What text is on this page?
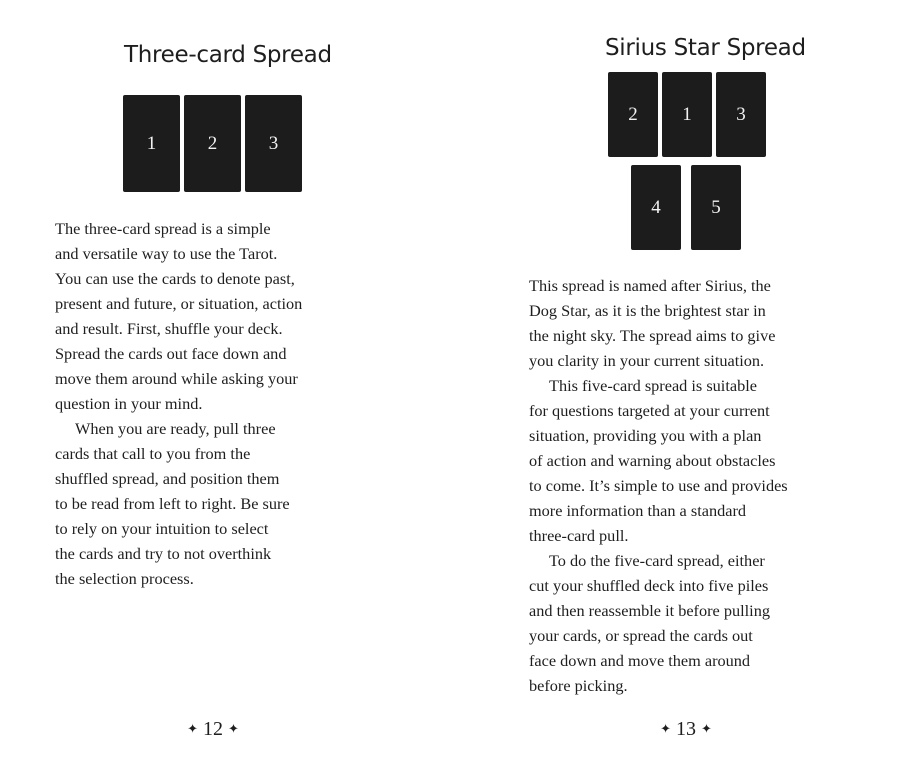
Three-card Spread
1	2	3
The three-card spread is a simple
and versatile way to use the Tarot.
You can use the cards to denote past,
present and future, or situation, action
and result. First, shuffle your deck.
Spread the cards out face down and
move them around while asking your
question in your mind.
When you are ready, pull three
cards that call to you from the
shuffled spread, and position them
to be read from left to right. Be sure
to rely on your intuition to select
the cards and try to not overthink
the selection process.
✦ 12 ✦
Sirius Star Spread
2	1	3
4	5
This spread is named after Sirius, the
Dog Star, as it is the brightest star in
the night sky. The spread aims to give
you clarity in your current situation.
This five-card spread is suitable
for questions targeted at your current
situation, providing you with a plan
of action and warning about obstacles
to come. It’s simple to use and provides
more information than a standard
three-card pull.
To do the five-card spread, either
cut your shuffled deck into five piles
and then reassemble it before pulling
your cards, or spread the cards out
face down and move them around
before picking.
✦ 13 ✦
